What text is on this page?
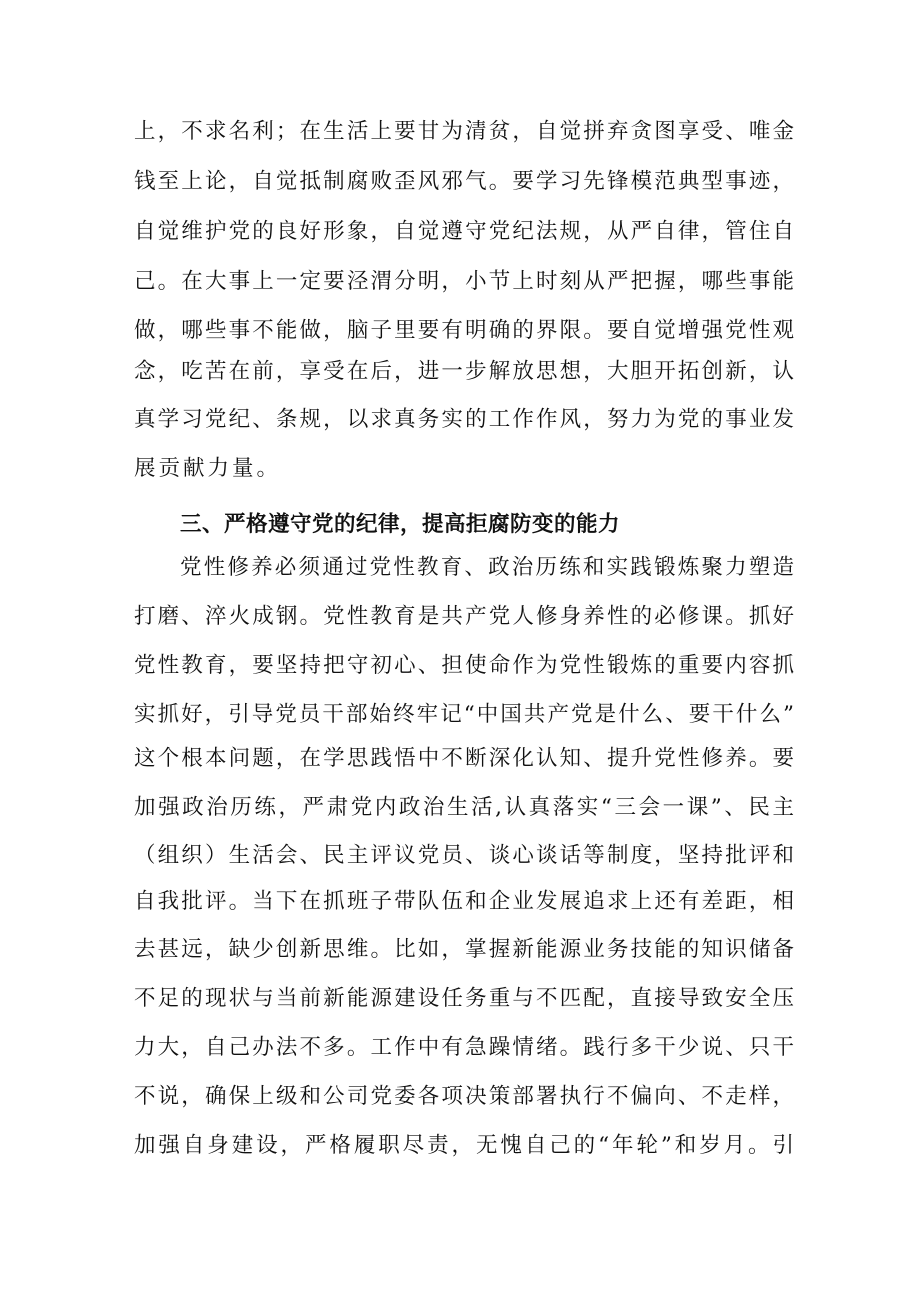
上，不求名利；在生活上要甘为清贫，自觉拼弃贪图享受、唯金
钱至上论，自觉抵制腐败歪风邪气。要学习先锋模范典型事迹，
自觉维护党的良好形象，自觉遵守党纪法规，从严自律，管住自
己。在大事上一定要泾渭分明，小节上时刻从严把握，哪些事能
做，哪些事不能做，脑子里要有明确的界限。要自觉增强党性观
念，吃苦在前，享受在后，进一步解放思想，大胆开拓创新，认
真学习党纪、条规，以求真务实的工作作风，努力为党的事业发
展贡献力量。
三、严格遵守党的纪律，提高拒腐防变的能力
党性修养必须通过党性教育、政治历练和实践锻炼聚力塑造
打磨、淬火成钢。党性教育是共产党人修身养性的必修课。抓好
党性教育，要坚持把守初心、担使命作为党性锻炼的重要内容抓
实抓好，引导党员干部始终牢记“中国共产党是什么、要干什么”
这个根本问题，在学思践悟中不断深化认知、提升党性修养。要
加强政治历练，严肃党内政治生活,认真落实“三会一课”、民主
（组织）生活会、民主评议党员、谈心谈话等制度，坚持批评和
自我批评。当下在抓班子带队伍和企业发展追求上还有差距，相
去甚远，缺少创新思维。比如，掌握新能源业务技能的知识储备
不足的现状与当前新能源建设任务重与不匹配，直接导致安全压
力大，自己办法不多。工作中有急躁情绪。践行多干少说、只干
不说，确保上级和公司党委各项决策部署执行不偏向、不走样，
加强自身建设，严格履职尽责，无愧自己的“年轮”和岁月。引
